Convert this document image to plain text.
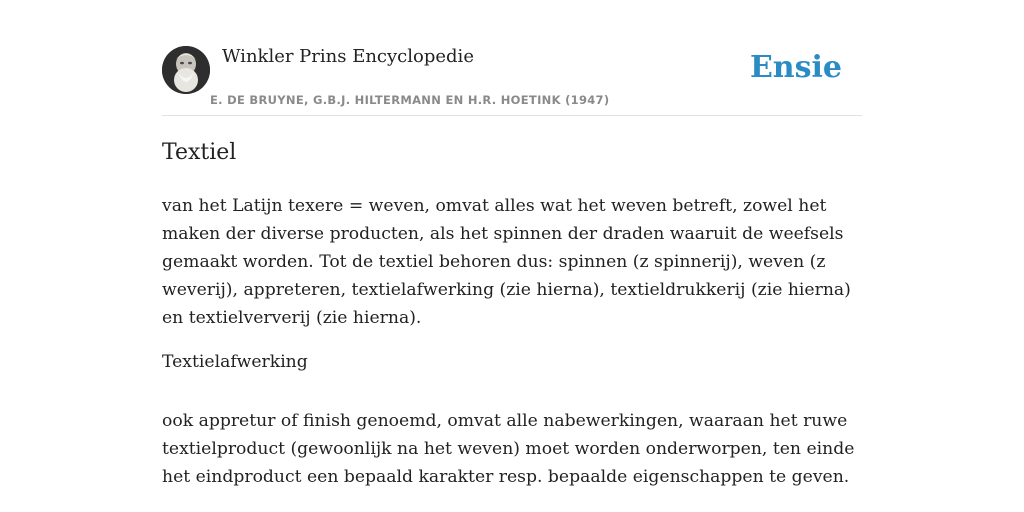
Winkler Prins Encyclopedie
E. DE BRUYNE, G.B.J. HILTERMANN EN H.R. HOETINK (1947)
Ensie
Textiel

van het Latijn texere = weven, omvat alles wat het weven betreft, zowel het maken der diverse producten, als het spinnen der draden waaruit de weefsels gemaakt worden. Tot de textiel behoren dus: spinnen (z spinnerij), weven (z weverij), appreteren, textielafwerking (zie hierna), textieldrukkerij (zie hierna) en textielververij (zie hierna).

Textielafwerking

ook appretur of finish genoemd, omvat alle nabewerkingen, waaraan het ruwe textielproduct (gewoonlijk na het weven) moet worden onderworpen, ten einde het eindproduct een bepaald karakter resp. bepaalde eigenschappen te geven.
